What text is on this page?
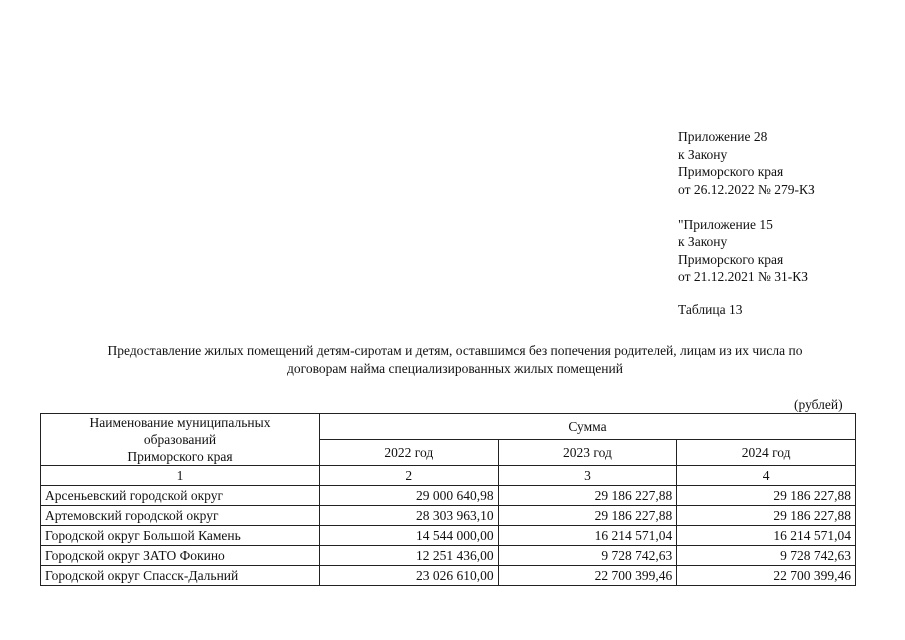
Приложение 28
к Закону
Приморского края
от 26.12.2022 № 279-КЗ
"Приложение 15
к Закону
Приморского края
от 21.12.2021 № 31-КЗ
Таблица 13
Предоставление жилых помещений детям-сиротам и детям, оставшимся без попечения родителей, лицам из их числа по
договорам найма специализированных жилых помещений
(рублей)
Наименование муниципальных
образований
Приморского края	Сумма		
	2022 год	2023 год	2024 год
1	2	3	4
Арсеньевский городской округ	29 000 640,98	29 186 227,88	29 186 227,88
Артемовский городской округ	28 303 963,10	29 186 227,88	29 186 227,88
Городской округ Большой Камень	14 544 000,00	16 214 571,04	16 214 571,04
Городской округ ЗАТО Фокино	12 251 436,00	9 728 742,63	9 728 742,63
Городской округ Спасск-Дальний	23 026 610,00	22 700 399,46	22 700 399,46
